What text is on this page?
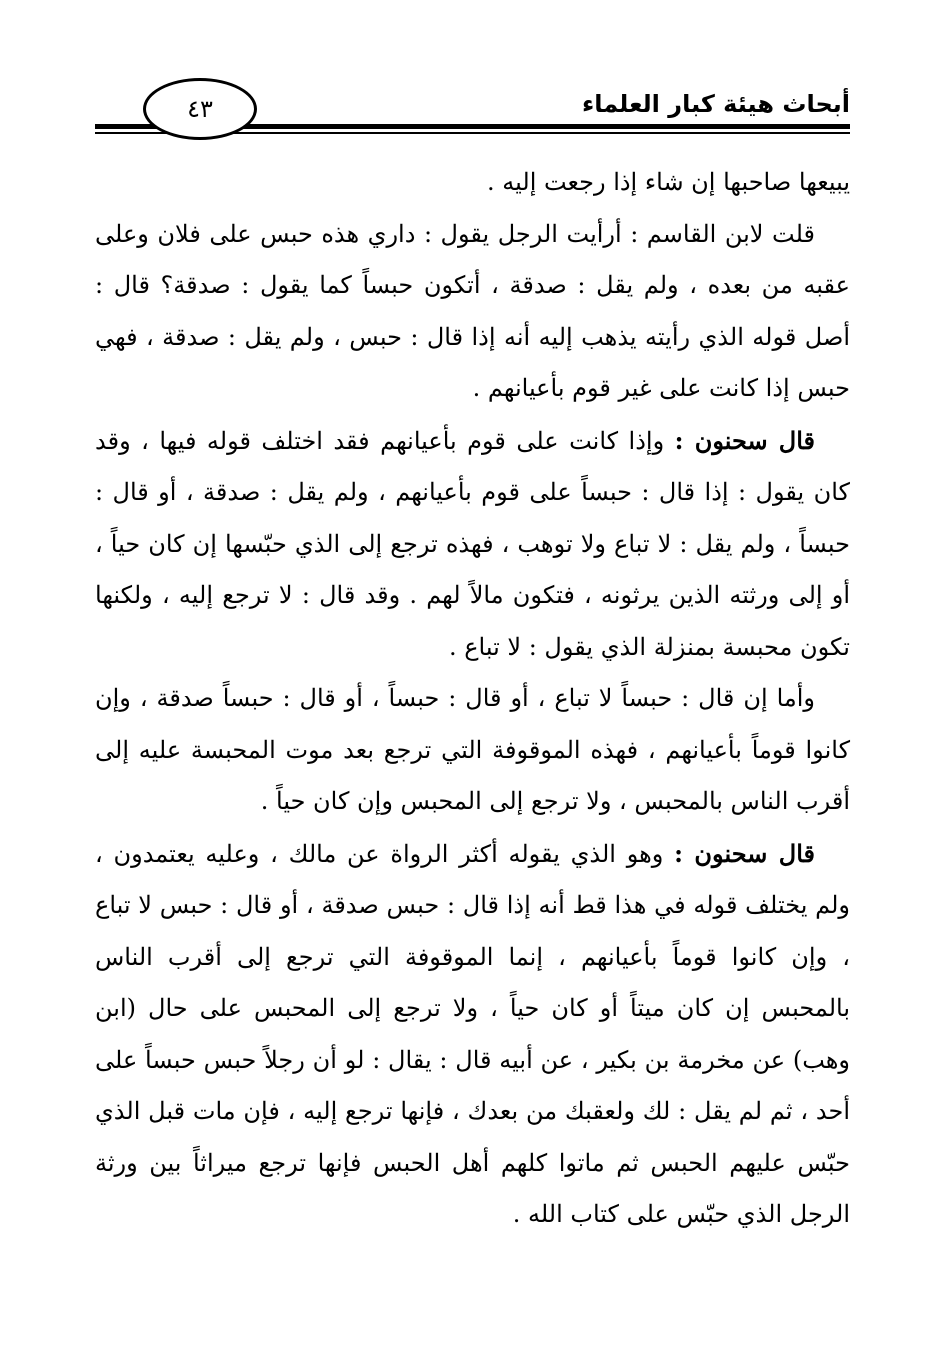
أبحاث هيئة كبار العلماء
٤٣

يبيعها صاحبها إن شاء إذا رجعت إليه .

قلت لابن القاسم : أرأيت الرجل يقول : داري هذه حبس على فلان وعلى عقبه من بعده ، ولم يقل : صدقة ، أتكون حبساً كما يقول : صدقة؟ قال : أصل قوله الذي رأيته يذهب إليه أنه إذا قال : حبس ، ولم يقل : صدقة ، فهي حبس إذا كانت على غير قوم بأعيانهم .

قال سحنون : وإذا كانت على قوم بأعيانهم فقد اختلف قوله فيها ، وقد كان يقول : إذا قال : حبساً على قوم بأعيانهم ، ولم يقل : صدقة ، أو قال : حبساً ، ولم يقل : لا تباع ولا توهب ، فهذه ترجع إلى الذي حبّسها إن كان حياً ، أو إلى ورثته الذين يرثونه ، فتكون مالاً لهم . وقد قال : لا ترجع إليه ، ولكنها تكون محبسة بمنزلة الذي يقول : لا تباع .

وأما إن قال : حبساً لا تباع ، أو قال : حبساً ، أو قال : حبساً صدقة ، وإن كانوا قوماً بأعيانهم ، فهذه الموقوفة التي ترجع بعد موت المحبسة عليه إلى أقرب الناس بالمحبس ، ولا ترجع إلى المحبس وإن كان حياً .

قال سحنون : وهو الذي يقوله أكثر الرواة عن مالك ، وعليه يعتمدون ، ولم يختلف قوله في هذا قط أنه إذا قال : حبس صدقة ، أو قال : حبس لا تباع ، وإن كانوا قوماً بأعيانهم ، إنما الموقوفة التي ترجع إلى أقرب الناس بالمحبس إن كان ميتاً أو كان حياً ، ولا ترجع إلى المحبس على حال (ابن وهب) عن مخرمة بن بكير ، عن أبيه قال : يقال : لو أن رجلاً حبس حبساً على أحد ، ثم لم يقل : لك ولعقبك من بعدك ، فإنها ترجع إليه ، فإن مات قبل الذي حبّس عليهم الحبس ثم ماتوا كلهم أهل الحبس فإنها ترجع ميراثاً بين ورثة الرجل الذي حبّس على كتاب الله .
